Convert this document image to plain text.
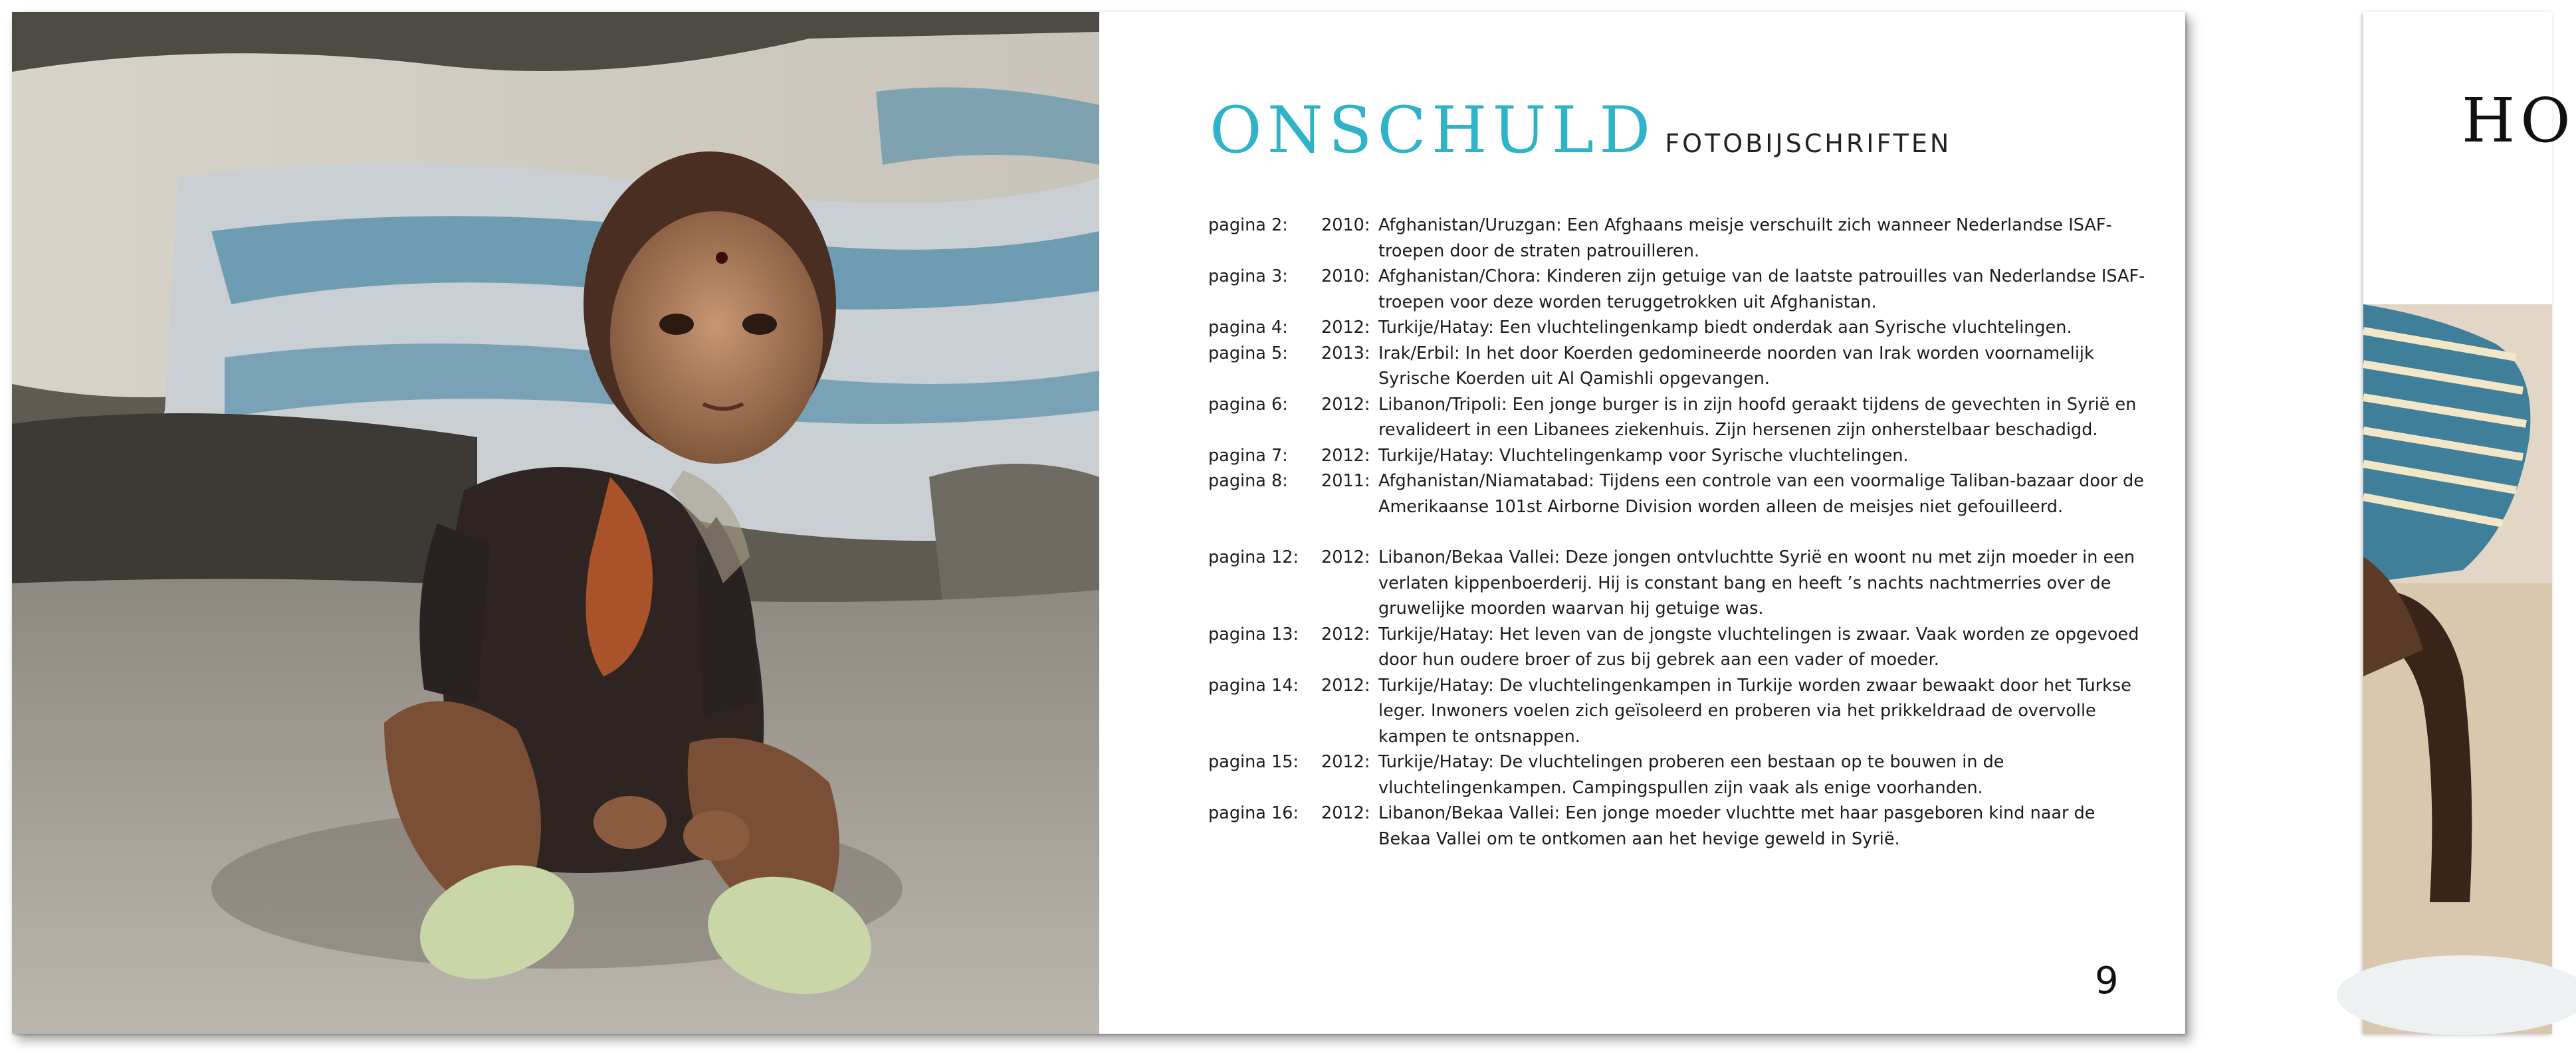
ONSCHULD FOTOBIJSCHRIFTEN
pagina 2:	2010: Afghanistan/Uruzgan: Een Afghaans meisje verschuilt zich wanneer Nederlandse ISAF-troepen door de straten patrouilleren.
pagina 3:	2010: Afghanistan/Chora: Kinderen zijn getuige van de laatste patrouilles van Nederlandse ISAF-troepen voor deze worden teruggetrokken uit Afghanistan.
pagina 4:	2012: Turkije/Hatay: Een vluchtelingenkamp biedt onderdak aan Syrische vluchtelingen.
pagina 5:	2013: Irak/Erbil: In het door Koerden gedomineerde noorden van Irak worden voornamelijk Syrische Koerden uit Al Qamishli opgevangen.
pagina 6:	2012: Libanon/Tripoli: Een jonge burger is in zijn hoofd geraakt tijdens de gevechten in Syrië en revalideert in een Libanees ziekenhuis. Zijn hersenen zijn onherstelbaar beschadigd.
pagina 7:	2012: Turkije/Hatay: Vluchtelingenkamp voor Syrische vluchtelingen.
pagina 8:	2011: Afghanistan/Niamatabad: Tijdens een controle van een voormalige Taliban-bazaar door de Amerikaanse 101st Airborne Division worden alleen de meisjes niet gefouilleerd.
pagina 12:	2012: Libanon/Bekaa Vallei: Deze jongen ontvluchtte Syrië en woont nu met zijn moeder in een verlaten kippenboerderij. Hij is constant bang en heeft ’s nachts nachtmerries over de gruwelijke moorden waarvan hij getuige was.
pagina 13:	2012: Turkije/Hatay: Het leven van de jongste vluchtelingen is zwaar. Vaak worden ze opgevoed door hun oudere broer of zus bij gebrek aan een vader of moeder.
pagina 14:	2012: Turkije/Hatay: De vluchtelingenkampen in Turkije worden zwaar bewaakt door het Turkse leger. Inwoners voelen zich geïsoleerd en proberen via het prikkeldraad de overvolle kampen te ontsnappen.
pagina 15:	2012: Turkije/Hatay: De vluchtelingen proberen een bestaan op te bouwen in de vluchtelingenkampen. Campingspullen zijn vaak als enige voorhanden.
pagina 16:	2012: Libanon/Bekaa Vallei: Een jonge moeder vluchtte met haar pasgeboren kind naar de Bekaa Vallei om te ontkomen aan het hevige geweld in Syrië.
9
HO
